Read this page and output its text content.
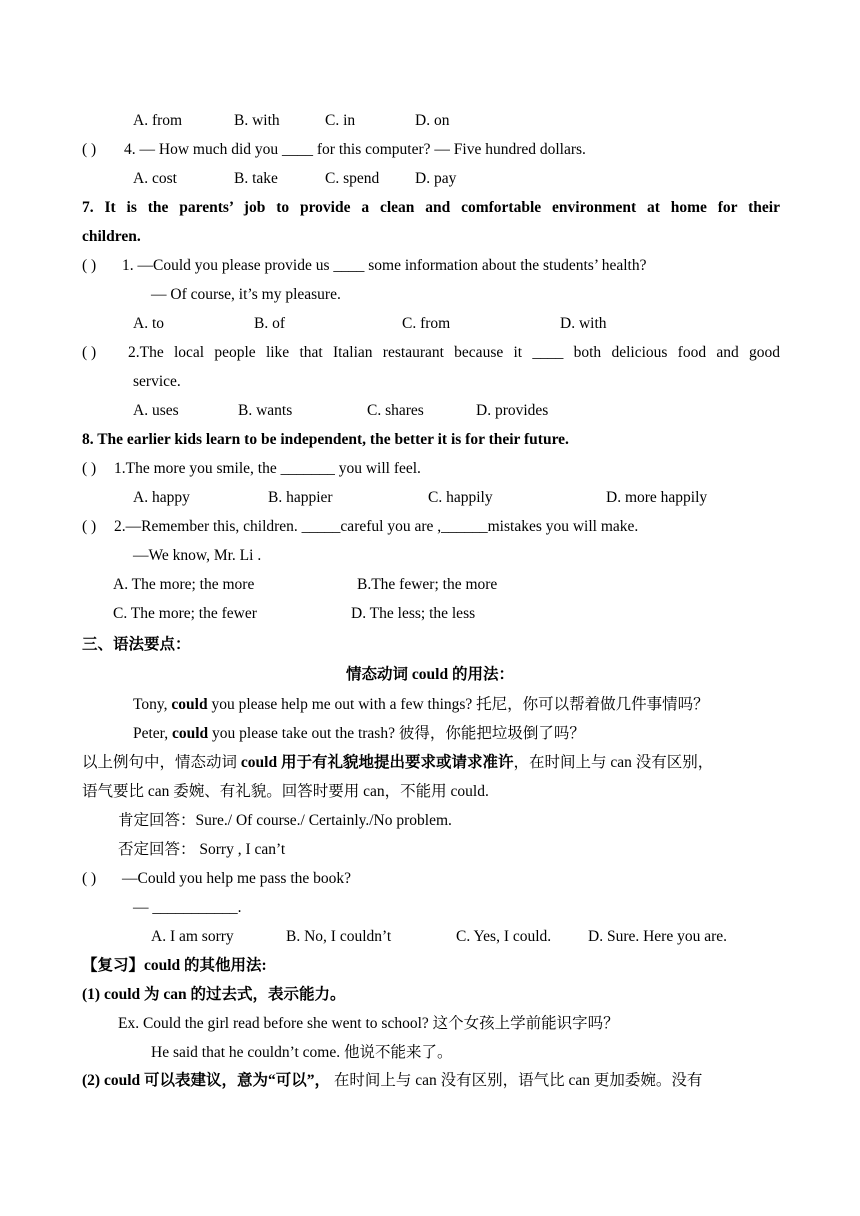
A. from	B. with	C. in	D. on
( ) 4. — How much did you ____ for this computer? — Five hundred dollars.
A. cost	B. take	C. spend D. pay
7. It is the parents’ job to provide a clean and comfortable environment at home for their
children.
( ) 1. —Could you please provide us ____ some information about the students’ health?
— Of course, it’s my pleasure.
A. to	B. of	C. from	D. with
( ) 2.The local people like that Italian restaurant because it ____ both delicious food and good
service.
A. uses	B. wants	C. shares	D. provides
8. The earlier kids learn to be independent, the better it is for their future.
( ) 1.The more you smile, the _______ you will feel.
A. happy	B. happier	C. happily	D. more happily
( ) 2.—Remember this, children. _____careful you are ,______mistakes you will make.
—We know, Mr. Li .
A. The more; the more	B.The fewer; the more
C. The more; the fewer	D. The less; the less
三、语法要点：
情态动词 could 的用法：
Tony, could you please help me out with a few things? 托尼，你可以帮着做几件事情吗？
Peter, could you please take out the trash? 彼得，你能把垃圾倒了吗？
以上例句中，情态动词 could 用于有礼貌地提出要求或请求准许，在时间上与 can 没有区别，
语气要比 can 委婉、有礼貌。回答时要用 can，不能用 could.
肯定回答：Sure./ Of course./ Certainly./No problem.
否定回答： Sorry , I can’t
( ) —Could you help me pass the book?
— ___________.
A. I am sorry	B. No, I couldn’t	C. Yes, I could. D. Sure. Here you are.
【复习】could 的其他用法:
(1) could 为 can 的过去式，表示能力。
Ex. Could the girl read before she went to school? 这个女孩上学前能识字吗？
He said that he couldn’t come. 他说不能来了。
(2) could 可以表建议，意为“可以”， 在时间上与 can 没有区别，语气比 can 更加委婉。没有
